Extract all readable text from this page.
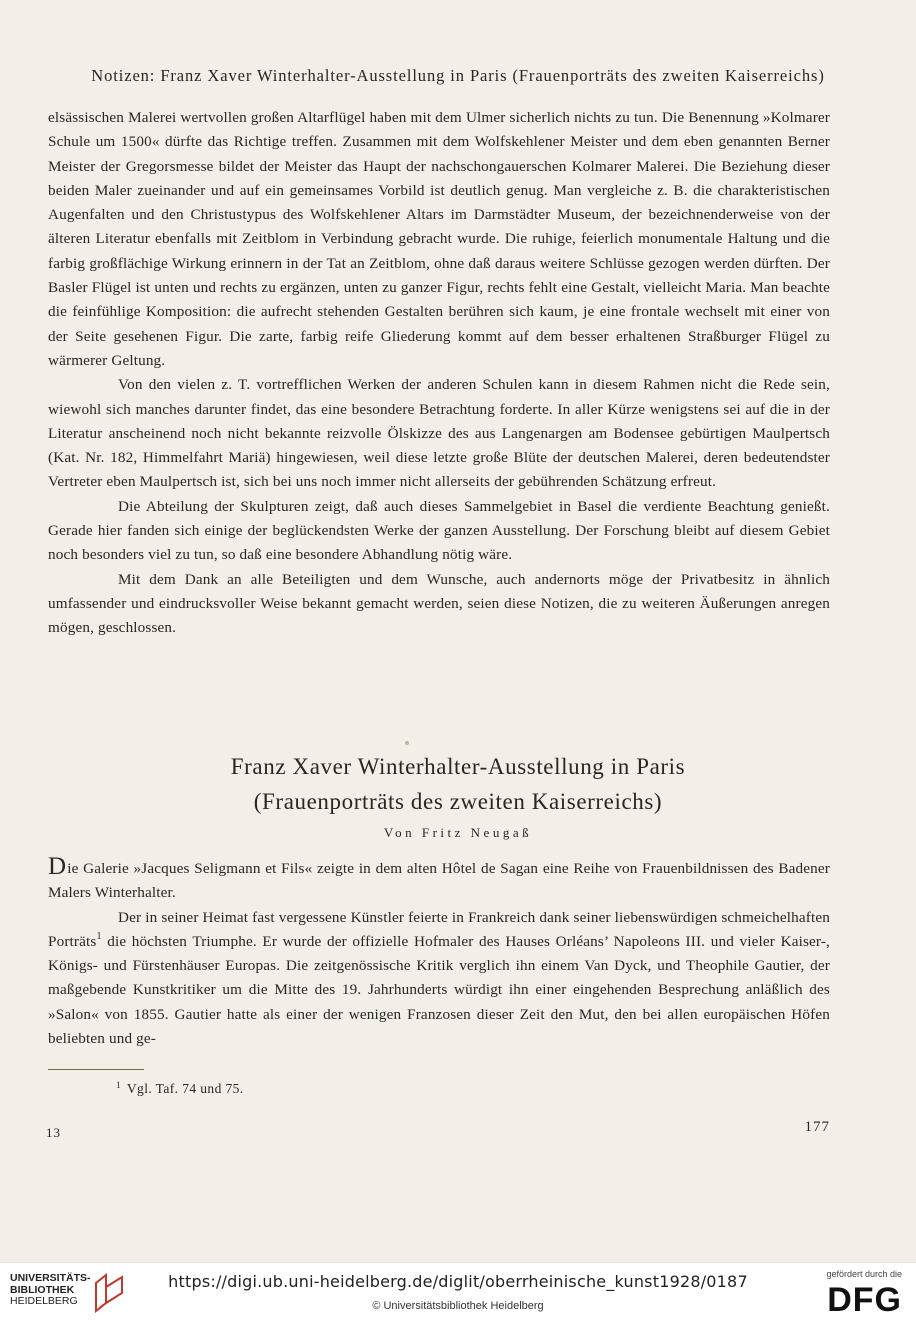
Notizen: Franz Xaver Winterhalter-Ausstellung in Paris (Frauenporträts des zweiten Kaiserreichs)

elsässischen Malerei wertvollen großen Altarflügel haben mit dem Ulmer sicherlich nichts zu tun. Die Benennung »Kolmarer Schule um 1500« dürfte das Richtige treffen. Zusammen mit dem Wolfskehlener Meister und dem eben genannten Berner Meister der Gregorsmesse bildet der Meister das Haupt der nachschongauerschen Kolmarer Malerei. Die Beziehung dieser beiden Maler zueinander und auf ein gemeinsames Vorbild ist deutlich genug. Man vergleiche z. B. die charakteristischen Augenfalten und den Christustypus des Wolfskehlener Altars im Darmstädter Museum, der bezeichnenderweise von der älteren Literatur ebenfalls mit Zeitblom in Verbindung gebracht wurde. Die ruhige, feierlich monumentale Haltung und die farbig großflächige Wirkung erinnern in der Tat an Zeitblom, ohne daß daraus weitere Schlüsse gezogen werden dürften. Der Basler Flügel ist unten und rechts zu ergänzen, unten zu ganzer Figur, rechts fehlt eine Gestalt, vielleicht Maria. Man beachte die feinfühlige Komposition: die aufrecht stehenden Gestalten berühren sich kaum, je eine frontale wechselt mit einer von der Seite gesehenen Figur. Die zarte, farbig reife Gliederung kommt auf dem besser erhaltenen Straßburger Flügel zu wärmerer Geltung.

Von den vielen z. T. vortrefflichen Werken der anderen Schulen kann in diesem Rahmen nicht die Rede sein, wiewohl sich manches darunter findet, das eine besondere Betrachtung forderte. In aller Kürze wenigstens sei auf die in der Literatur anscheinend noch nicht bekannte reizvolle Ölskizze des aus Langenargen am Bodensee gebürtigen Maulpertsch (Kat. Nr. 182, Himmelfahrt Mariä) hingewiesen, weil diese letzte große Blüte der deutschen Malerei, deren bedeutendster Vertreter eben Maulpertsch ist, sich bei uns noch immer nicht allerseits der gebührenden Schätzung erfreut.

Die Abteilung der Skulpturen zeigt, daß auch dieses Sammelgebiet in Basel die verdiente Beachtung genießt. Gerade hier fanden sich einige der beglückendsten Werke der ganzen Ausstellung. Der Forschung bleibt auf diesem Gebiet noch besonders viel zu tun, so daß eine besondere Abhandlung nötig wäre.

Mit dem Dank an alle Beteiligten und dem Wunsche, auch andernorts möge der Privatbesitz in ähnlich umfassender und eindrucksvoller Weise bekannt gemacht werden, seien diese Notizen, die zu weiteren Äußerungen anregen mögen, geschlossen.

Franz Xaver Winterhalter-Ausstellung in Paris
(Frauenporträts des zweiten Kaiserreichs)
Von Fritz Neugaß

Die Galerie »Jacques Seligmann et Fils« zeigte in dem alten Hôtel de Sagan eine Reihe von Frauenbildnissen des Badener Malers Winterhalter.

Der in seiner Heimat fast vergessene Künstler feierte in Frankreich dank seiner liebenswürdigen schmeichelhaften Porträts$^1$ die höchsten Triumphe. Er wurde der offizielle Hofmaler des Hauses Orléans’ Napoleons III. und vieler Kaiser-, Königs- und Fürstenhäuser Europas. Die zeitgenössische Kritik verglich ihn einem Van Dyck, und Theophile Gautier, der maßgebende Kunstkritiker um die Mitte des 19. Jahrhunderts würdigt ihn einer eingehenden Besprechung anläßlich des »Salon« von 1855. Gautier hatte als einer der wenigen Franzosen dieser Zeit den Mut, den bei allen europäischen Höfen beliebten und ge-

$^1$ Vgl. Taf. 74 und 75.
13	177
UNIVERSITÄTS-
BIBLIOTHEK
HEIDELBERG
https://digi.ub.uni-heidelberg.de/diglit/oberrheinische_kunst1928/0187
© Universitätsbibliothek Heidelberg
gefördert durch die
DFG
